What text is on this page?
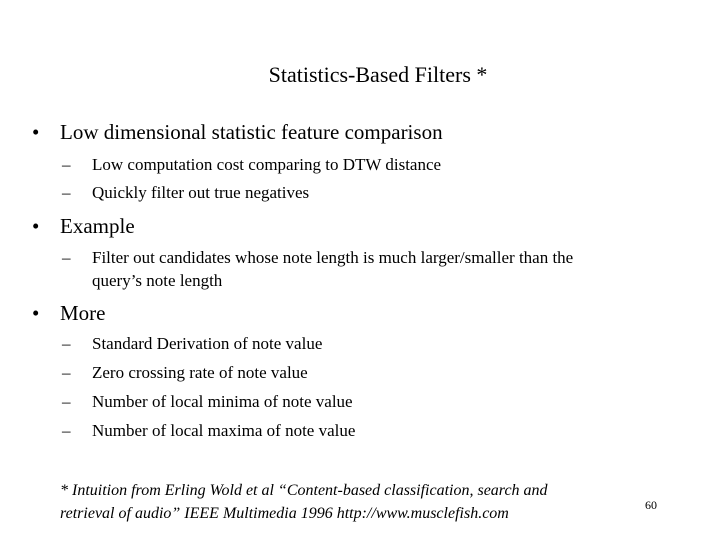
Statistics-Based Filters *
• Low dimensional statistic feature comparison
– Low computation cost comparing to DTW distance
– Quickly filter out true negatives
• Example
– Filter out candidates whose note length is much larger/smaller than the
query’s note length
• More
– Standard Derivation of note value
– Zero crossing rate of note value
– Number of local minima of note value
– Number of local maxima of note value
* Intuition from Erling Wold et al “Content-based classification, search and
retrieval of audio” IEEE Multimedia 1996 http://www.musclefish.com	60
